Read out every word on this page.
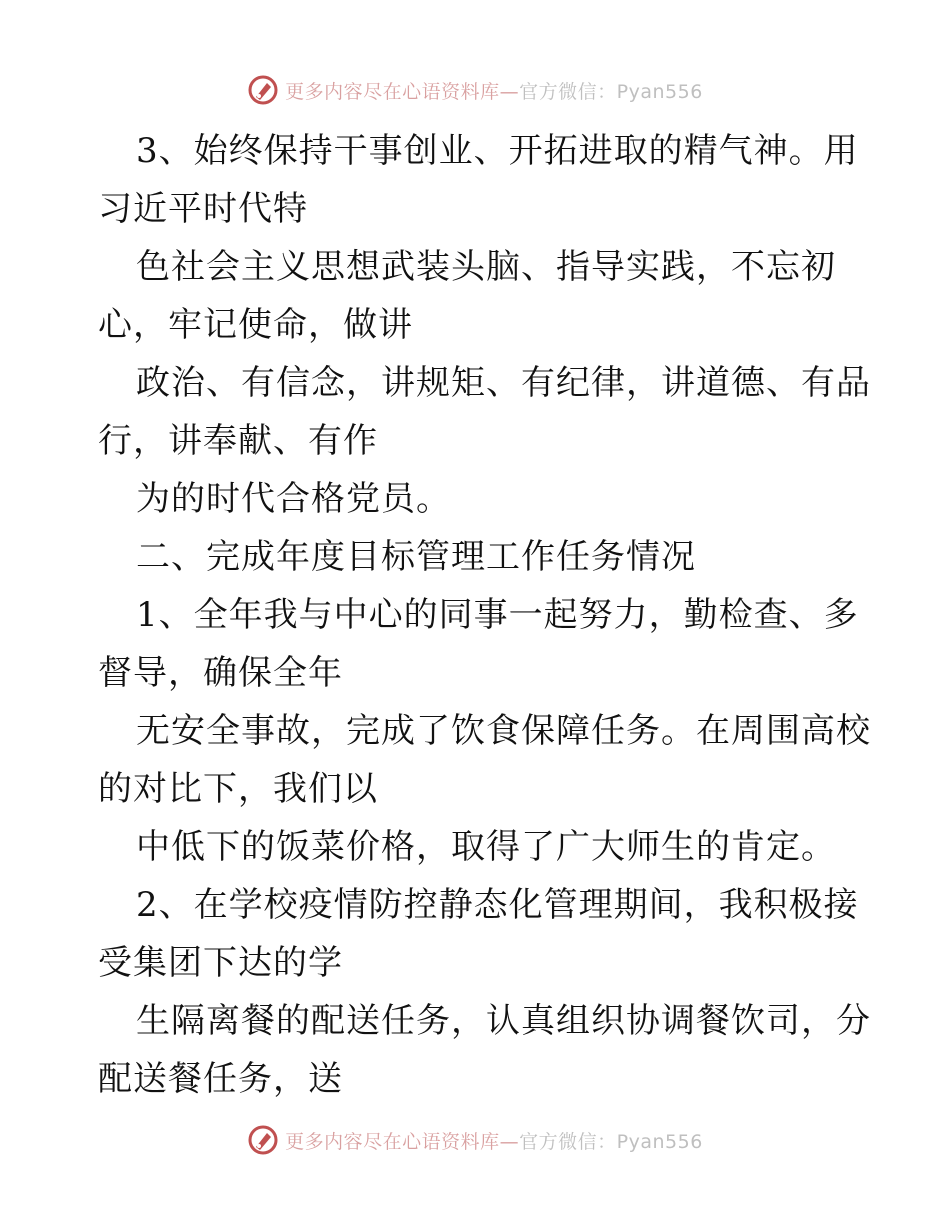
更多内容尽在心语资料库—官方微信：Pyan556
3、始终保持干事创业、开拓进取的精气神。用
习近平时代特
色社会主义思想武装头脑、指导实践，不忘初
心，牢记使命，做讲
政治、有信念，讲规矩、有纪律，讲道德、有品
行，讲奉献、有作
为的时代合格党员。
二、完成年度目标管理工作任务情况
1、全年我与中心的同事一起努力，勤检查、多
督导，确保全年
无安全事故，完成了饮食保障任务。在周围高校
的对比下，我们以
中低下的饭菜价格，取得了广大师生的肯定。
2、在学校疫情防控静态化管理期间，我积极接
受集团下达的学
生隔离餐的配送任务，认真组织协调餐饮司，分
配送餐任务，送
更多内容尽在心语资料库—官方微信：Pyan556
